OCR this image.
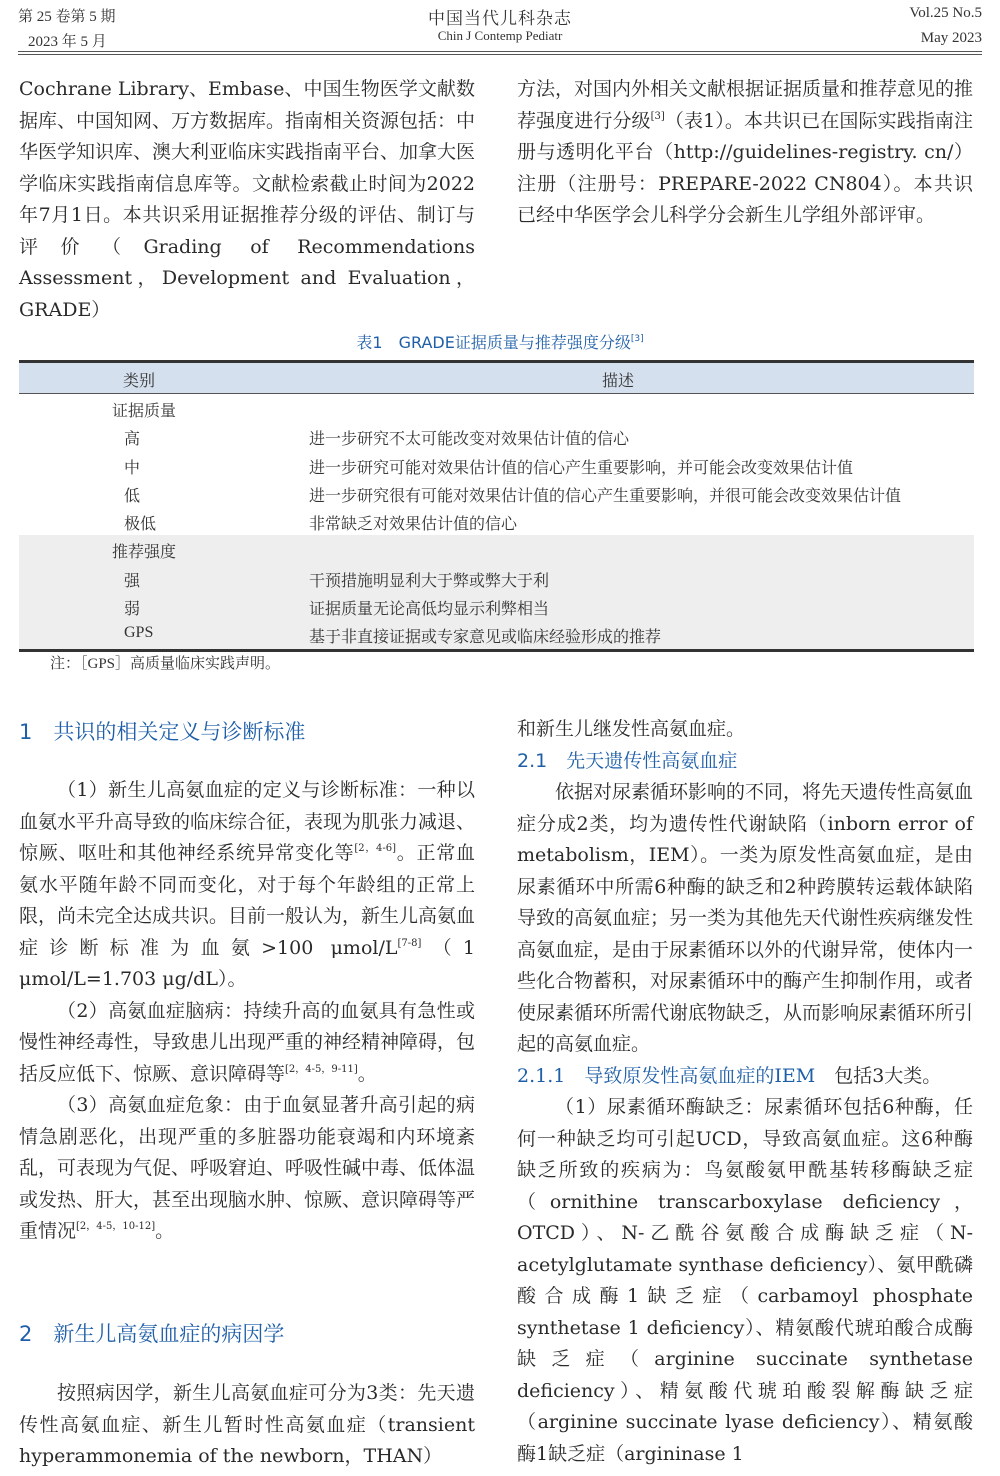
第 25 卷第 5 期
2023 年 5 月
中国当代儿科杂志
Chin J Contemp Pediatr
Vol.25 No.5
May 2023

Cochrane Library、Embase、中国生物医学文献数据库、中国知网、万方数据库。指南相关资源包括：中华医学知识库、澳大利亚临床实践指南平台、加拿大医学临床实践指南信息库等。文献检索截止时间为2022年7月1日。本共识采用证据推荐分级的评估、制订与评价（Grading of Recommendations Assessment，Development and Evaluation，GRADE）

方法，对国内外相关文献根据证据质量和推荐意见的推荐强度进行分级[3]（表1）。本共识已在国际实践指南注册与透明化平台（http://guidelines-registry. cn/）注册（注册号：PREPARE-2022 CN804）。本共识已经中华医学会儿科学分会新生儿学组外部评审。

表1　GRADE证据质量与推荐强度分级[3]
类别	描述
证据质量
高	进一步研究不太可能改变对效果估计值的信心
中	进一步研究可能对效果估计值的信心产生重要影响，并可能会改变效果估计值
低	进一步研究很有可能对效果估计值的信心产生重要影响，并很可能会改变效果估计值
极低	非常缺乏对效果估计值的信心
推荐强度
强	干预措施明显利大于弊或弊大于利
弱	证据质量无论高低均显示利弊相当
GPS	基于非直接证据或专家意见或临床经验形成的推荐
注：［GPS］高质量临床实践声明。
1　共识的相关定义与诊断标准

（1）新生儿高氨血症的定义与诊断标准：一种以血氨水平升高导致的临床综合征，表现为肌张力减退、惊厥、呕吐和其他神经系统异常变化等[2，4-6]。正常血氨水平随年龄不同而变化，对于每个年龄组的正常上限，尚未完全达成共识。目前一般认为，新生儿高氨血症诊断标准为血氨>100 μmol/L[7-8]（1 μmol/L=1.703 μg/dL）。

（2）高氨血症脑病：持续升高的血氨具有急性或慢性神经毒性，导致患儿出现严重的神经精神障碍，包括反应低下、惊厥、意识障碍等[2，4-5，9-11]。

（3）高氨血症危象：由于血氨显著升高引起的病情急剧恶化，出现严重的多脏器功能衰竭和内环境紊乱，可表现为气促、呼吸窘迫、呼吸性碱中毒、低体温或发热、肝大，甚至出现脑水肿、惊厥、意识障碍等严重情况[2，4-5，10-12]。

2　新生儿高氨血症的病因学

按照病因学，新生儿高氨血症可分为3类：先天遗传性高氨血症、新生儿暂时性高氨血症（transient hyperammonemia of the newborn，THAN）

和新生儿继发性高氨血症。

2.1　先天遗传性高氨血症

依据对尿素循环影响的不同，将先天遗传性高氨血症分成2类，均为遗传性代谢缺陷（inborn error of metabolism，IEM）。一类为原发性高氨血症，是由尿素循环中所需6种酶的缺乏和2种跨膜转运载体缺陷导致的高氨血症；另一类为其他先天代谢性疾病继发性高氨血症，是由于尿素循环以外的代谢异常，使体内一些化合物蓄积，对尿素循环中的酶产生抑制作用，或者使尿素循环所需代谢底物缺乏，从而影响尿素循环所引起的高氨血症。

2.1.1　导致原发性高氨血症的IEM　包括3大类。

（1）尿素循环酶缺乏：尿素循环包括6种酶，任何一种缺乏均可引起UCD，导致高氨血症。这6种酶缺乏所致的疾病为：鸟氨酸氨甲酰基转移酶缺乏症（ornithine transcarboxylase deficiency，OTCD）、N-乙酰谷氨酸合成酶缺乏症（N-acetylglutamate synthase deficiency）、氨甲酰磷酸合成酶1缺乏症（carbamoyl phosphate synthetase 1 deficiency）、精氨酸代琥珀酸合成酶缺乏症（arginine succinate synthetase deficiency）、精氨酸代琥珀酸裂解酶缺乏症（arginine succinate lyase deficiency）、精氨酸酶1缺乏症（argininase 1
